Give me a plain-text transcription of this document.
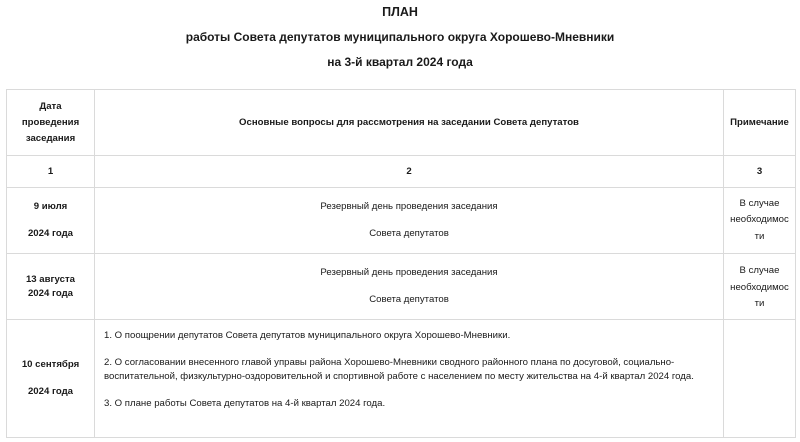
ПЛАН
работы Совета депутатов муниципального округа Хорошево-Мневники
на 3-й квартал 2024 года
Дата
проведения
заседания	Основные вопросы для рассмотрения на заседании Совета депутатов	Примечание
1	2	3

9 июля
2024 года	Резервный день проведения заседания
Совета депутатов	В случае
необходимос
ти

13 августа
2024 года	Резервный день проведения заседания
Совета депутатов	В случае
необходимос
ти

10 сентября
2024 года	1. О поощрении депутатов Совета депутатов муниципального округа Хорошево-Мневники.
2. О согласовании внесенного главой управы района Хорошево-Мневники сводного районного плана по досуговой, социально-воспитательной, физкультурно-оздоровительной и спортивной работе с населением по месту жительства на 4-й квартал 2024 года.
3. О плане работы Совета депутатов на 4-й квартал 2024 года.	
